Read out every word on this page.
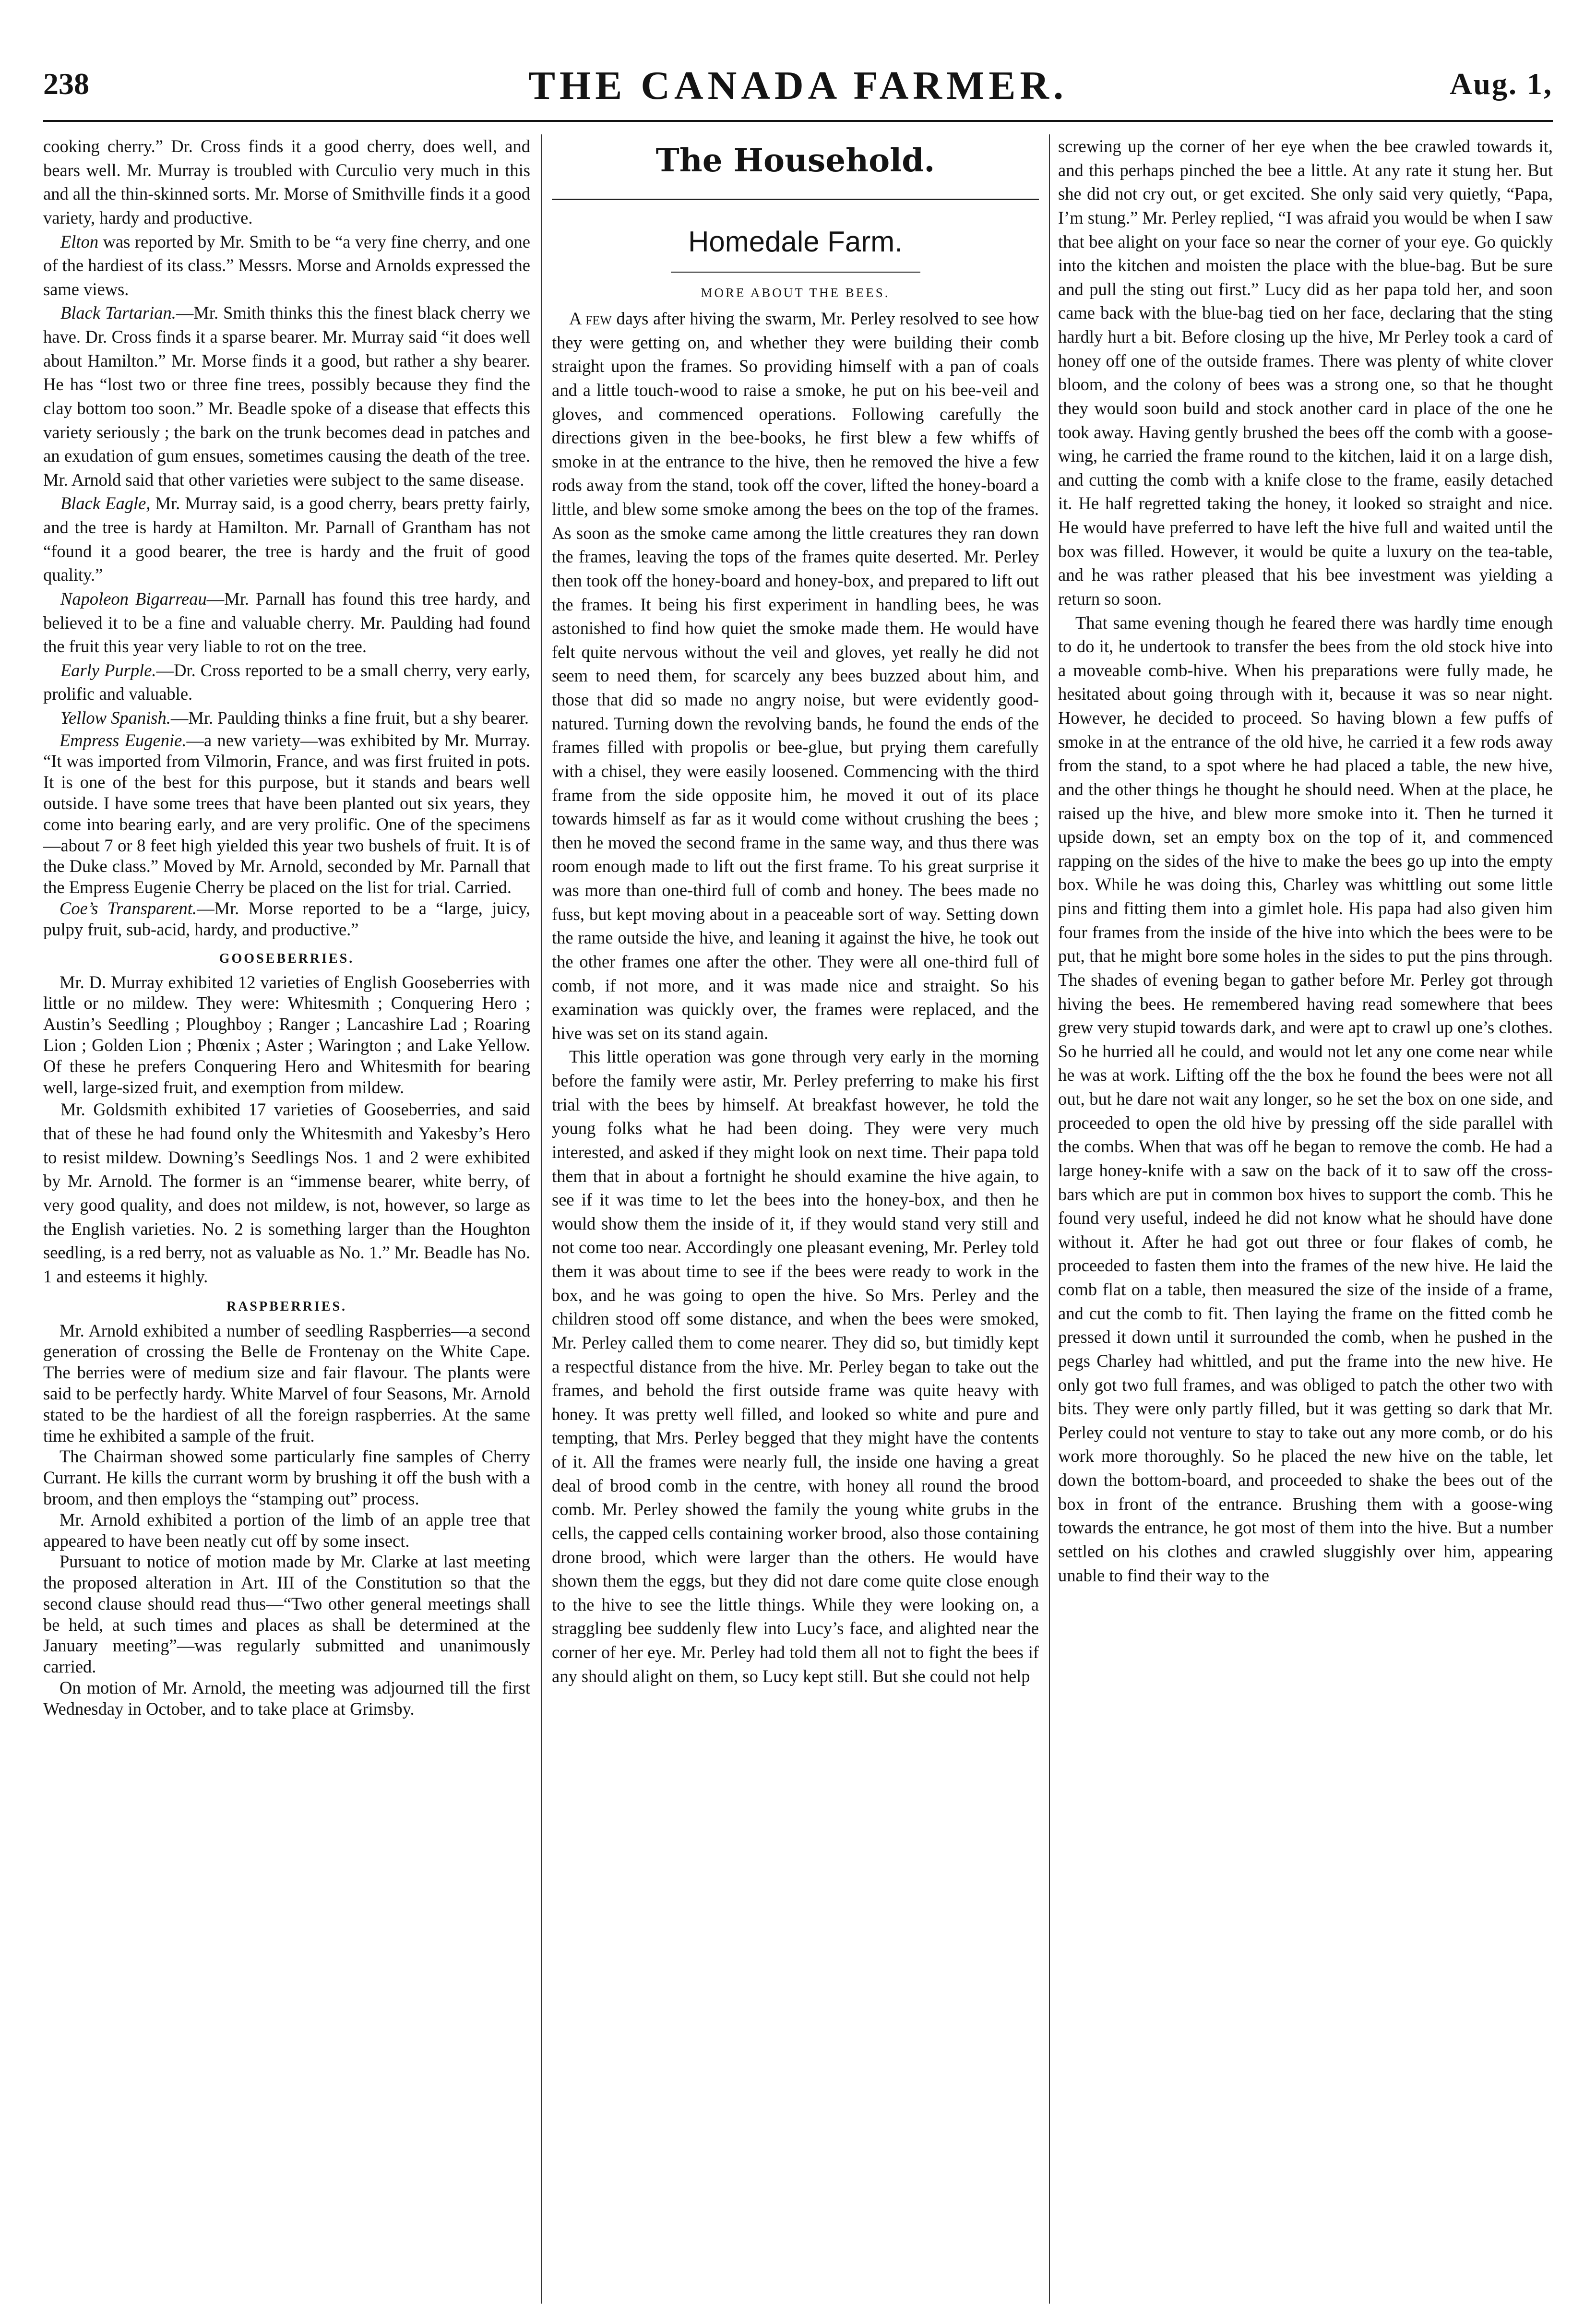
238	THE CANADA FARMER.	Aug. 1,

cooking cherry.” Dr. Cross finds it a good cherry, does well, and bears well. Mr. Murray is troubled with Curculio very much in this and all the thin-skinned sorts. Mr. Morse of Smithville finds it a good variety, hardy and productive.

Elton was reported by Mr. Smith to be “a very fine cherry, and one of the hardiest of its class.” Messrs. Morse and Arnolds expressed the same views.

Black Tartarian.—Mr. Smith thinks this the finest black cherry we have. Dr. Cross finds it a sparse bearer. Mr. Murray said “it does well about Hamilton.” Mr. Morse finds it a good, but rather a shy bearer. He has “lost two or three fine trees, possibly because they find the clay bottom too soon.” Mr. Beadle spoke of a disease that effects this variety seriously ; the bark on the trunk becomes dead in patches and an exudation of gum ensues, sometimes causing the death of the tree. Mr. Arnold said that other varieties were subject to the same disease.

Black Eagle, Mr. Murray said, is a good cherry, bears pretty fairly, and the tree is hardy at Hamilton. Mr. Parnall of Grantham has not “found it a good bearer, the tree is hardy and the fruit of good quality.”

Napoleon Bigarreau—Mr. Parnall has found this tree hardy, and believed it to be a fine and valuable cherry. Mr. Paulding had found the fruit this year very liable to rot on the tree.

Early Purple.—Dr. Cross reported to be a small cherry, very early, prolific and valuable.

Yellow Spanish.—Mr. Paulding thinks a fine fruit, but a shy bearer.

Empress Eugenie.—a new variety—was exhibited by Mr. Murray. “It was imported from Vilmorin, France, and was first fruited in pots. It is one of the best for this purpose, but it stands and bears well outside. I have some trees that have been planted out six years, they come into bearing early, and are very prolific. One of the specimens—about 7 or 8 feet high yielded this year two bushels of fruit. It is of the Duke class.” Moved by Mr. Arnold, seconded by Mr. Parnall that the Empress Eugenie Cherry be placed on the list for trial. Carried.

Coe’s Transparent.—Mr. Morse reported to be a “large, juicy, pulpy fruit, sub-acid, hardy, and productive.”

GOOSEBERRIES.

Mr. D. Murray exhibited 12 varieties of English Gooseberries with little or no mildew. They were: Whitesmith ; Conquering Hero ; Austin’s Seedling ; Ploughboy ; Ranger ; Lancashire Lad ; Roaring Lion ; Golden Lion ; Phœnix ; Aster ; Warington ; and Lake Yellow. Of these he prefers Conquering Hero and Whitesmith for bearing well, large-sized fruit, and exemption from mildew.

Mr. Goldsmith exhibited 17 varieties of Gooseberries, and said that of these he had found only the Whitesmith and Yakesby’s Hero to resist mildew. Downing’s Seedlings Nos. 1 and 2 were exhibited by Mr. Arnold. The former is an “immense bearer, white berry, of very good quality, and does not mildew, is not, however, so large as the English varieties. No. 2 is something larger than the Houghton seedling, is a red berry, not as valuable as No. 1.” Mr. Beadle has No. 1 and esteems it highly.

RASPBERRIES.

Mr. Arnold exhibited a number of seedling Raspberries—a second generation of crossing the Belle de Frontenay on the White Cape. The berries were of medium size and fair flavour. The plants were said to be perfectly hardy. White Marvel of four Seasons, Mr. Arnold stated to be the hardiest of all the foreign raspberries. At the same time he exhibited a sample of the fruit.

The Chairman showed some particularly fine samples of Cherry Currant. He kills the currant worm by brushing it off the bush with a broom, and then employs the “stamping out” process.

Mr. Arnold exhibited a portion of the limb of an apple tree that appeared to have been neatly cut off by some insect.

Pursuant to notice of motion made by Mr. Clarke at last meeting the proposed alteration in Art. III of the Constitution so that the second clause should read thus—“Two other general meetings shall be held, at such times and places as shall be determined at the January meeting”—was regularly submitted and unanimously carried.

On motion of Mr. Arnold, the meeting was adjourned till the first Wednesday in October, and to take place at Grimsby.

The Household.
Homedale Farm.
MORE ABOUT THE BEES.

A few days after hiving the swarm, Mr. Perley resolved to see how they were getting on, and whether they were building their comb straight upon the frames. So providing himself with a pan of coals and a little touch-wood to raise a smoke, he put on his bee-veil and gloves, and commenced operations. Following carefully the directions given in the bee-books, he first blew a few whiffs of smoke in at the entrance to the hive, then he removed the hive a few rods away from the stand, took off the cover, lifted the honey-board a little, and blew some smoke among the bees on the top of the frames. As soon as the smoke came among the little creatures they ran down the frames, leaving the tops of the frames quite deserted. Mr. Perley then took off the honey-board and honey-box, and prepared to lift out the frames. It being his first experiment in handling bees, he was astonished to find how quiet the smoke made them. He would have felt quite nervous without the veil and gloves, yet really he did not seem to need them, for scarcely any bees buzzed about him, and those that did so made no angry noise, but were evidently good-natured. Turning down the revolving bands, he found the ends of the frames filled with propolis or bee-glue, but prying them carefully with a chisel, they were easily loosened. Commencing with the third frame from the side opposite him, he moved it out of its place towards himself as far as it would come without crushing the bees ; then he moved the second frame in the same way, and thus there was room enough made to lift out the first frame. To his great surprise it was more than one-third full of comb and honey. The bees made no fuss, but kept moving about in a peaceable sort of way. Setting down the rame outside the hive, and leaning it against the hive, he took out the other frames one after the other. They were all one-third full of comb, if not more, and it was made nice and straight. So his examination was quickly over, the frames were replaced, and the hive was set on its stand again.

This little operation was gone through very early in the morning before the family were astir, Mr. Perley preferring to make his first trial with the bees by himself. At breakfast however, he told the young folks what he had been doing. They were very much interested, and asked if they might look on next time. Their papa told them that in about a fortnight he should examine the hive again, to see if it was time to let the bees into the honey-box, and then he would show them the inside of it, if they would stand very still and not come too near. Accordingly one pleasant evening, Mr. Perley told them it was about time to see if the bees were ready to work in the box, and he was going to open the hive. So Mrs. Perley and the children stood off some distance, and when the bees were smoked, Mr. Perley called them to come nearer. They did so, but timidly kept a respectful distance from the hive. Mr. Perley began to take out the frames, and behold the first outside frame was quite heavy with honey. It was pretty well filled, and looked so white and pure and tempting, that Mrs. Perley begged that they might have the contents of it. All the frames were nearly full, the inside one having a great deal of brood comb in the centre, with honey all round the brood comb. Mr. Perley showed the family the young white grubs in the cells, the capped cells containing worker brood, also those containing drone brood, which were larger than the others. He would have shown them the eggs, but they did not dare come quite close enough to the hive to see the little things. While they were looking on, a straggling bee suddenly flew into Lucy’s face, and alighted near the corner of her eye. Mr. Perley had told them all not to fight the bees if any should alight on them, so Lucy kept still. But she could not help

screwing up the corner of her eye when the bee crawled towards it, and this perhaps pinched the bee a little. At any rate it stung her. But she did not cry out, or get excited. She only said very quietly, “Papa, I’m stung.” Mr. Perley replied, “I was afraid you would be when I saw that bee alight on your face so near the corner of your eye. Go quickly into the kitchen and moisten the place with the blue-bag. But be sure and pull the sting out first.” Lucy did as her papa told her, and soon came back with the blue-bag tied on her face, declaring that the sting hardly hurt a bit. Before closing up the hive, Mr Perley took a card of honey off one of the outside frames. There was plenty of white clover bloom, and the colony of bees was a strong one, so that he thought they would soon build and stock another card in place of the one he took away. Having gently brushed the bees off the comb with a goose-wing, he carried the frame round to the kitchen, laid it on a large dish, and cutting the comb with a knife close to the frame, easily detached it. He half regretted taking the honey, it looked so straight and nice. He would have preferred to have left the hive full and waited until the box was filled. However, it would be quite a luxury on the tea-table, and he was rather pleased that his bee investment was yielding a return so soon.

That same evening though he feared there was hardly time enough to do it, he undertook to transfer the bees from the old stock hive into a moveable comb-hive. When his preparations were fully made, he hesitated about going through with it, because it was so near night. However, he decided to proceed. So having blown a few puffs of smoke in at the entrance of the old hive, he carried it a few rods away from the stand, to a spot where he had placed a table, the new hive, and the other things he thought he should need. When at the place, he raised up the hive, and blew more smoke into it. Then he turned it upside down, set an empty box on the top of it, and commenced rapping on the sides of the hive to make the bees go up into the empty box. While he was doing this, Charley was whittling out some little pins and fitting them into a gimlet hole. His papa had also given him four frames from the inside of the hive into which the bees were to be put, that he might bore some holes in the sides to put the pins through. The shades of evening began to gather before Mr. Perley got through hiving the bees. He remembered having read somewhere that bees grew very stupid towards dark, and were apt to crawl up one’s clothes. So he hurried all he could, and would not let any one come near while he was at work. Lifting off the the box he found the bees were not all out, but he dare not wait any longer, so he set the box on one side, and proceeded to open the old hive by pressing off the side parallel with the combs. When that was off he began to remove the comb. He had a large honey-knife with a saw on the back of it to saw off the cross-bars which are put in common box hives to support the comb. This he found very useful, indeed he did not know what he should have done without it. After he had got out three or four flakes of comb, he proceeded to fasten them into the frames of the new hive. He laid the comb flat on a table, then measured the size of the inside of a frame, and cut the comb to fit. Then laying the frame on the fitted comb he pressed it down until it surrounded the comb, when he pushed in the pegs Charley had whittled, and put the frame into the new hive. He only got two full frames, and was obliged to patch the other two with bits. They were only partly filled, but it was getting so dark that Mr. Perley could not venture to stay to take out any more comb, or do his work more thoroughly. So he placed the new hive on the table, let down the bottom-board, and proceeded to shake the bees out of the box in front of the entrance. Brushing them with a goose-wing towards the entrance, he got most of them into the hive. But a number settled on his clothes and crawled sluggishly over him, appearing unable to find their way to the
